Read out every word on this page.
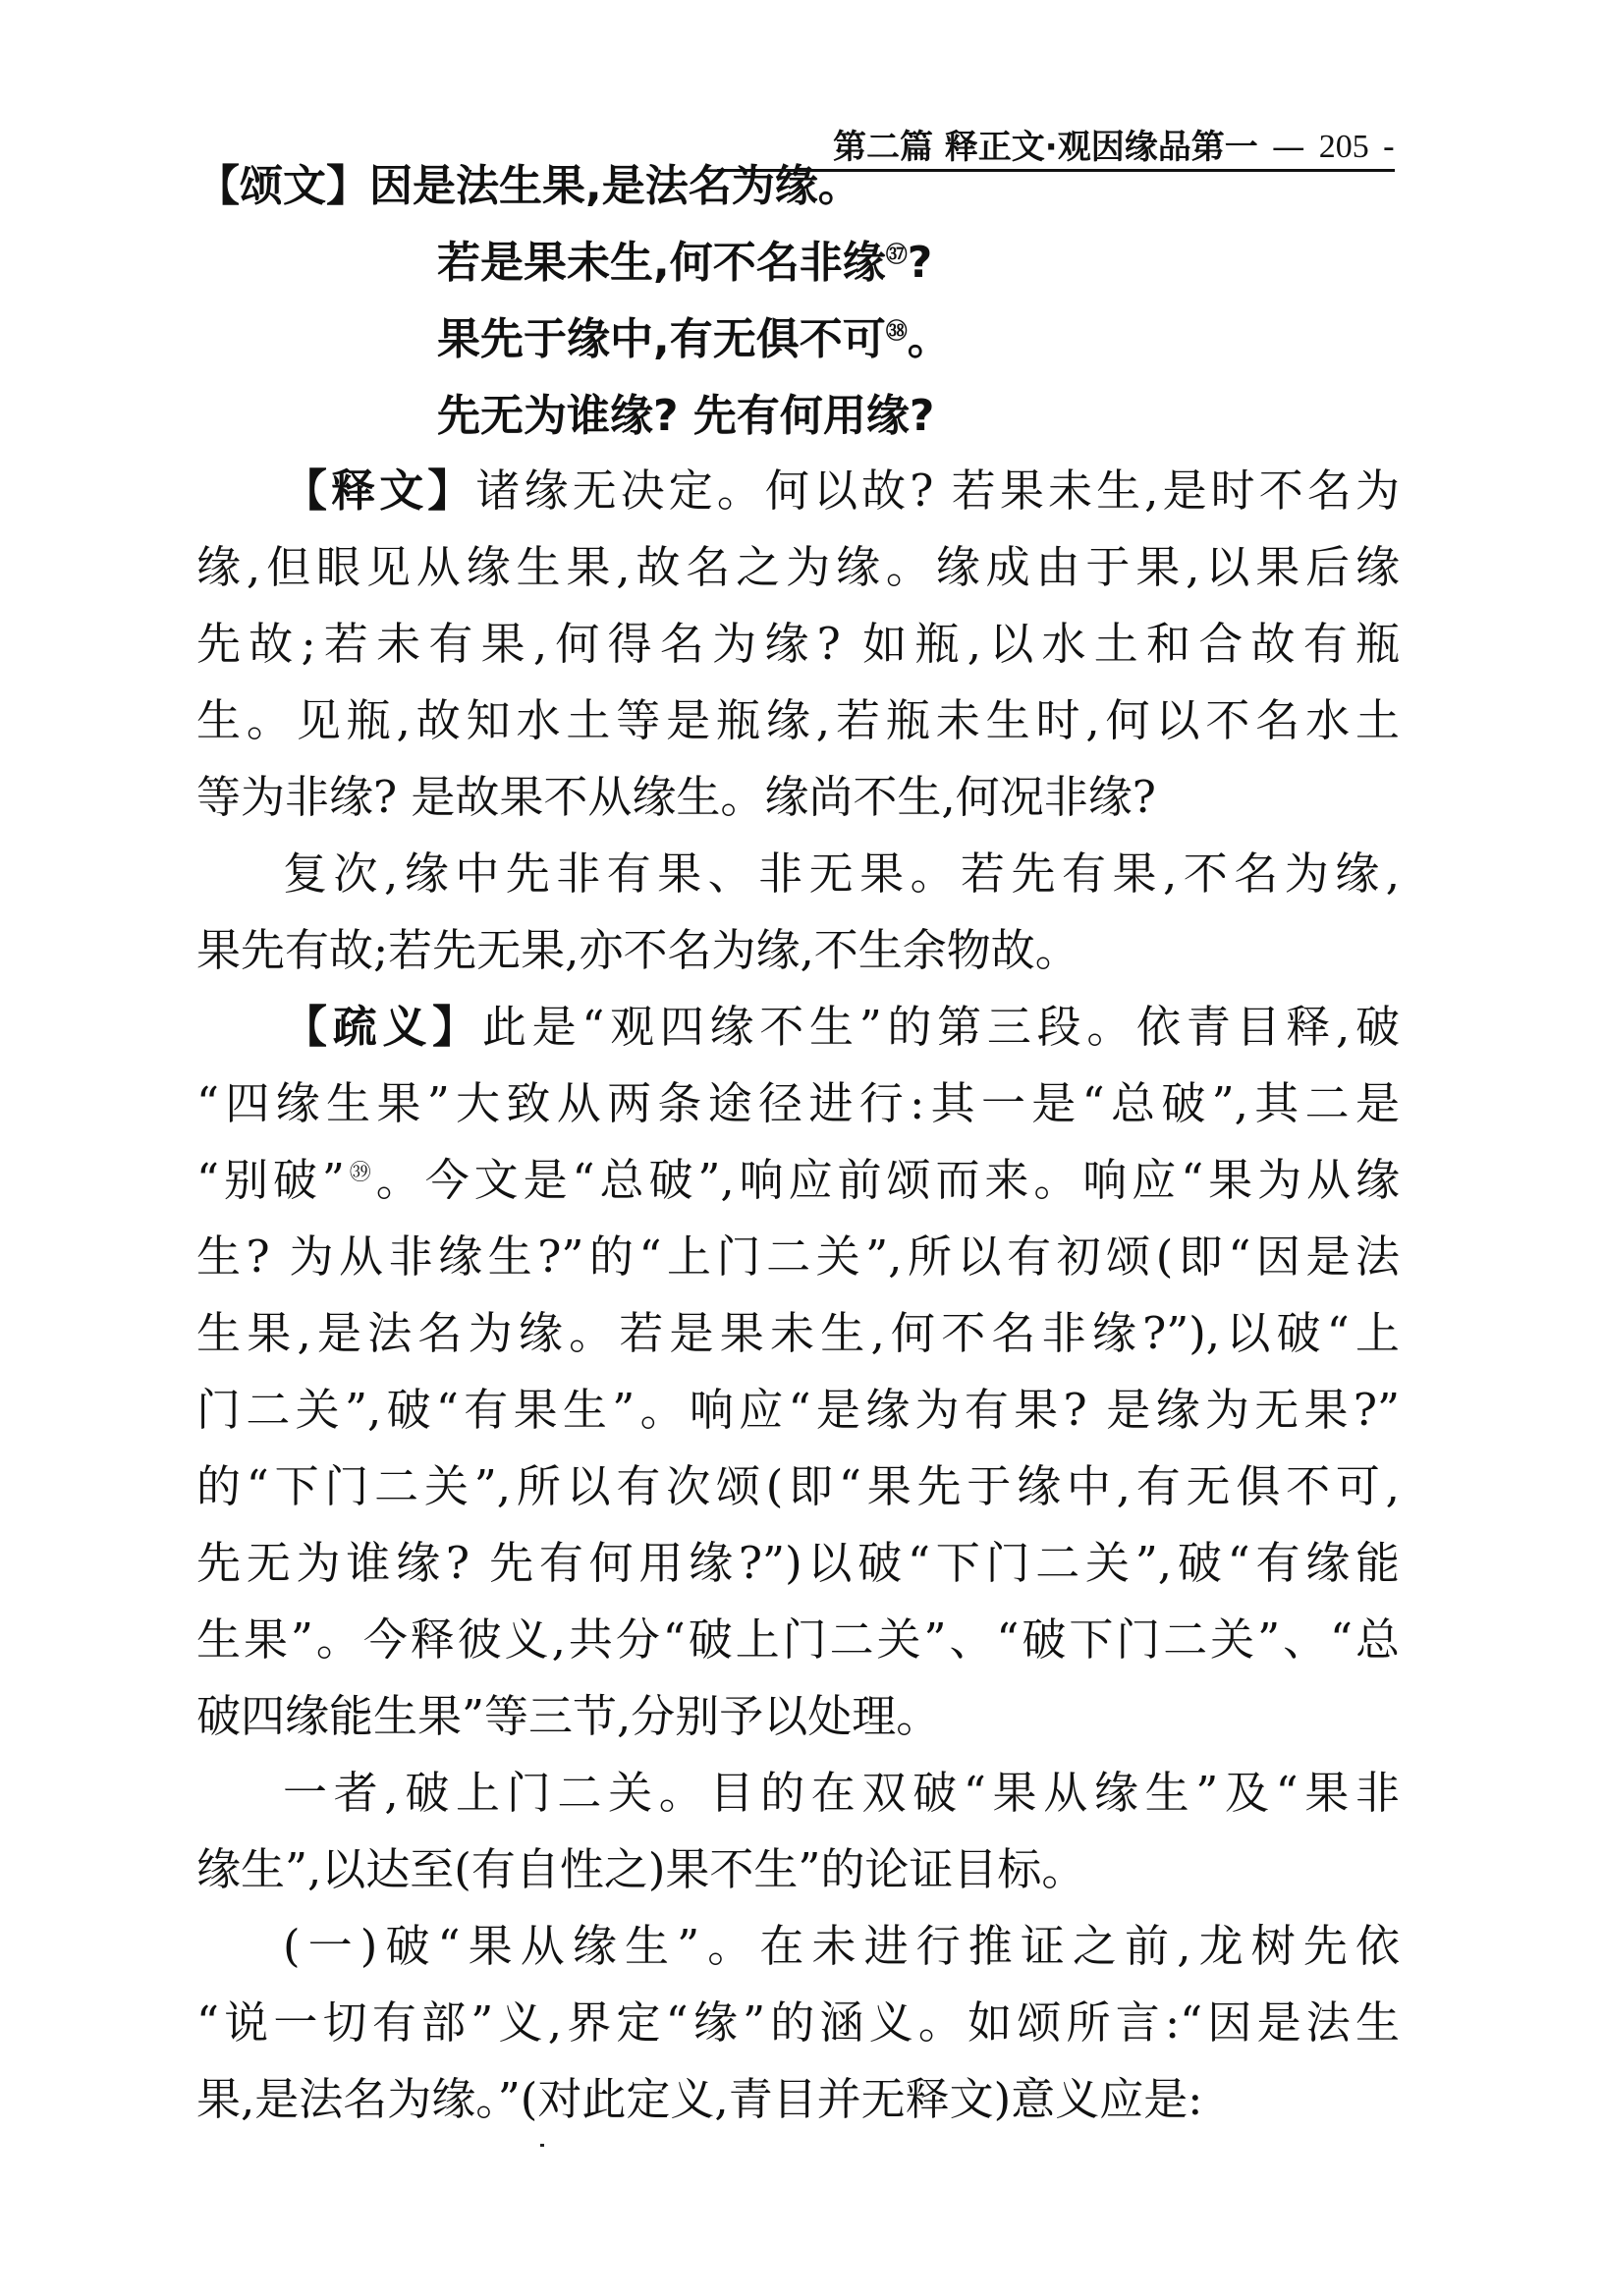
第二篇 释正文·观因缘品第一 — 205 -
【颂文】因是法生果,是法名为缘。
若是果未生,何不名非缘$^㊲$?
果先于缘中,有无俱不可$^㊳$。
先无为谁缘? 先有何用缘?
【释文】诸缘无决定。何以故? 若果未生,是时不名为
缘,但眼见从缘生果,故名之为缘。缘成由于果,以果后缘
先故;若未有果,何得名为缘? 如瓶,以水土和合故有瓶
生。见瓶,故知水土等是瓶缘,若瓶未生时,何以不名水土
等为非缘? 是故果不从缘生。缘尚不生,何况非缘?
复次,缘中先非有果、非无果。若先有果,不名为缘,
果先有故;若先无果,亦不名为缘,不生余物故。
【疏义】此是“观四缘不生”的第三段。依青目释,破
“四缘生果”大致从两条途径进行:其一是“总破”,其二是
“别破”$^㊴$。今文是“总破”,响应前颂而来。响应“果为从缘
生? 为从非缘生?”的“上门二关”,所以有初颂(即“因是法
生果,是法名为缘。若是果未生,何不名非缘?”),以破“上
门二关”,破“有果生”。响应“是缘为有果? 是缘为无果?”
的“下门二关”,所以有次颂(即“果先于缘中,有无俱不可,
先无为谁缘? 先有何用缘?”)以破“下门二关”,破“有缘能
生果”。今释彼义,共分“破上门二关”、“破下门二关”、“总
破四缘能生果”等三节,分别予以处理。
一者,破上门二关。目的在双破“果从缘生”及“果非
缘生”,以达至(有自性之)果不生”的论证目标。
(一)破“果从缘生”。在未进行推证之前,龙树先依
“说一切有部”义,界定“缘”的涵义。如颂所言:“因是法生
果,是法名为缘。”(对此定义,青目并无释文)意义应是:
